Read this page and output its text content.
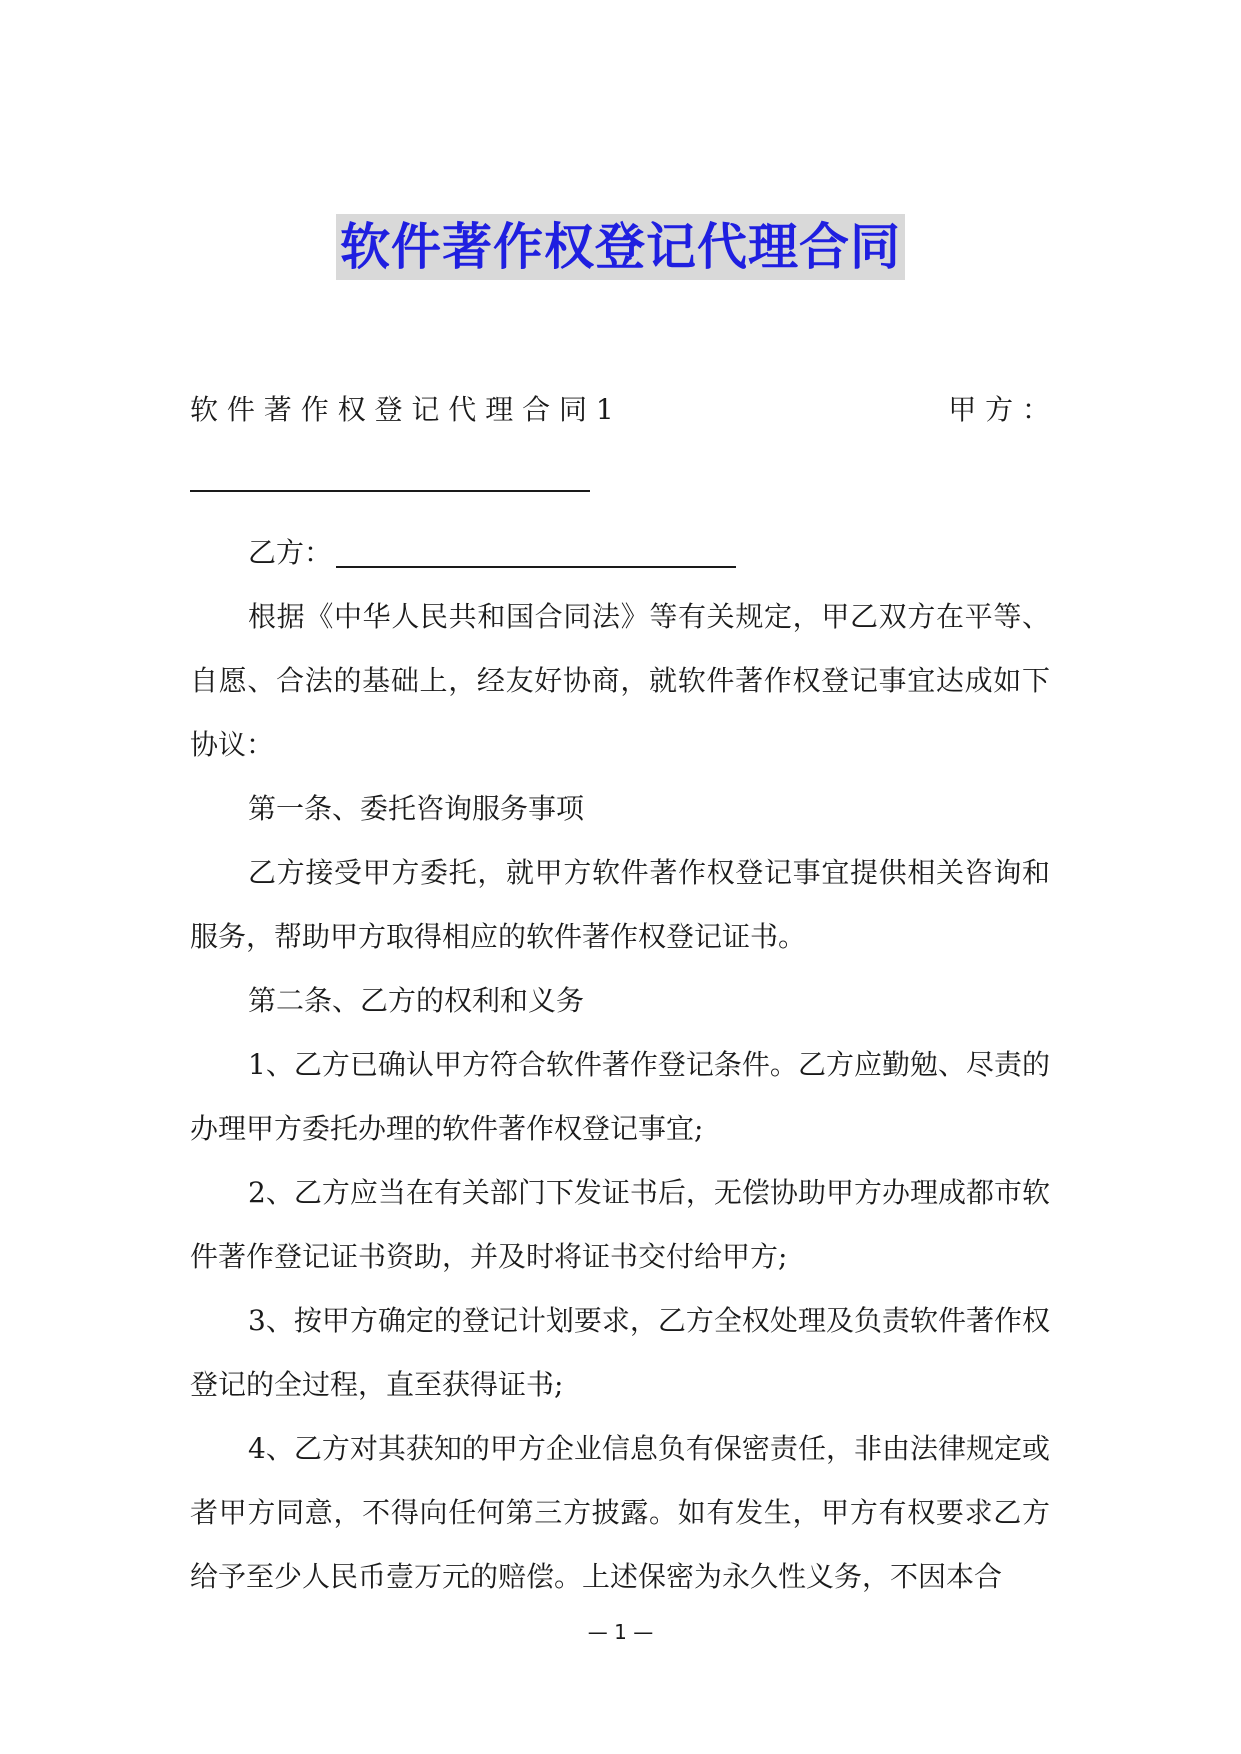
软件著作权登记代理合同
软 件 著 作 权 登 记 代 理 合 同 1	甲 方 ：

乙方：

根据《中华人民共和国合同法》等有关规定，甲乙双方在平等、自愿、合法的基础上，经友好协商，就软件著作权登记事宜达成如下协议：

第一条、委托咨询服务事项

乙方接受甲方委托，就甲方软件著作权登记事宜提供相关咨询和服务，帮助甲方取得相应的软件著作权登记证书。

第二条、乙方的权利和义务

1、乙方已确认甲方符合软件著作登记条件。乙方应勤勉、尽责的办理甲方委托办理的软件著作权登记事宜;

2、乙方应当在有关部门下发证书后，无偿协助甲方办理成都市软件著作登记证书资助，并及时将证书交付给甲方;

3、按甲方确定的登记计划要求，乙方全权处理及负责软件著作权登记的全过程，直至获得证书;

4、乙方对其获知的甲方企业信息负有保密责任，非由法律规定或者甲方同意，不得向任何第三方披露。如有发生，甲方有权要求乙方给予至少人民币壹万元的赔偿。上述保密为永久性义务，不因本合

— 1 —
